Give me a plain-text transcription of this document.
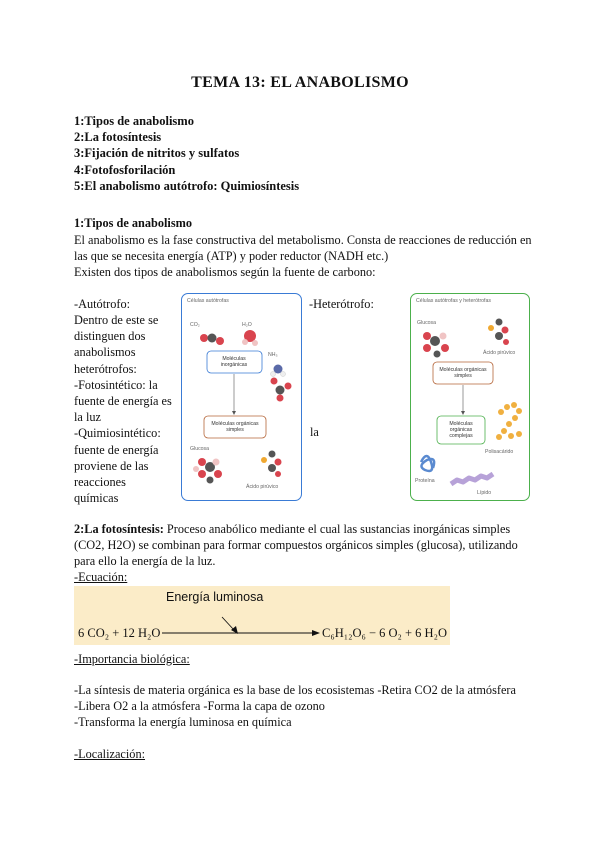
TEMA 13: EL ANABOLISMO
1:Tipos de anabolismo
2:La fotosíntesis
3:Fijación de nitritos y sulfatos
4:Fotofosforilación
5:El anabolismo autótrofo: Quimiosíntesis
1:Tipos de anabolismo
El anabolismo es la fase constructiva del metabolismo. Consta de reacciones de reducción en
las que se necesita energía (ATP) y poder reductor (NADH etc.)
Existen dos tipos de anabolismos según la fuente de carbono:
-Autótrofo:	-Heterótrofo:
la
Dentro de este se
distinguen dos
anabolismos
heterótrofos:
-Fotosintético: la
fuente de energía es
la luz
-Quimiosintético:
fuente de energía
proviene de las
reacciones
químicas
Células autótrofas
CO₂	H₂O
NH₃
Moléculas inorgánicas
Moléculas orgánicas simples
Glucosa
Ácido pirúvico
Células autótrofas y heterótrofas
Glucosa
Ácido pirúvico
Moléculas orgánicas simples
Moléculas orgánicas complejas
Polisacárido
Proteína
Lípido
2:La fotosíntesis: Proceso anabólico mediante el cual las sustancias inorgánicas simples
(CO2, H2O) se combinan para formar compuestos orgánicos simples (glucosa), utilizando
para ello la energía de la luz.
-Ecuación:
Energía luminosa
6 CO₂ + 12 H₂O	C₆H₁₂O₆ − 6 O₂ + 6 H₂O
-Importancia biológica:
-La síntesis de materia orgánica es la base de los ecosistemas -Retira CO2 de la atmósfera
-Libera O2 a la atmósfera -Forma la capa de ozono
-Transforma la energía luminosa en química
-Localización:
